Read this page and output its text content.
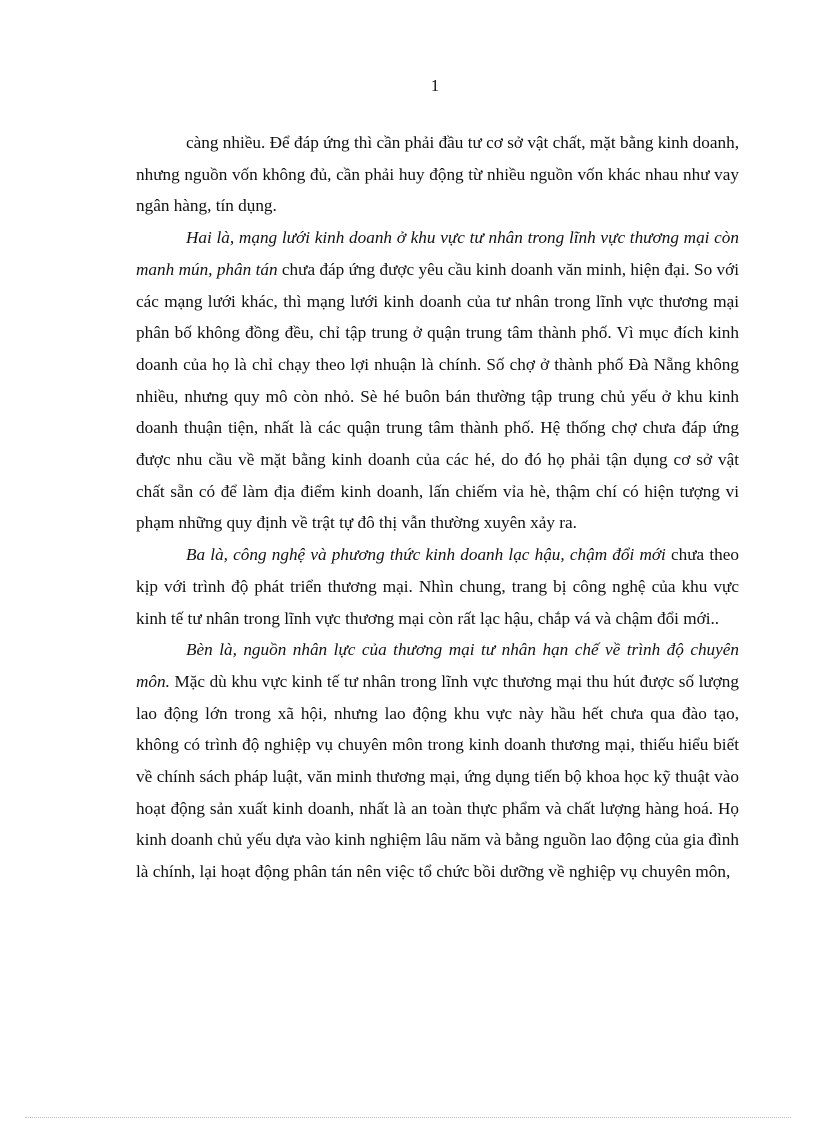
1

càng nhiều. Để đáp ứng thì cần phải đầu tư cơ sở vật chất, mặt bằng kinh doanh, nhưng nguồn vốn không đủ, cần phải huy động từ nhiều nguồn vốn khác nhau như vay ngân hàng, tín dụng.

Hai là, mạng lưới kinh doanh ở khu vực tư nhân trong lĩnh vực thương mại còn manh mún, phân tán chưa đáp ứng được yêu cầu kinh doanh văn minh, hiện đại. So với các mạng lưới khác, thì mạng lưới kinh doanh của tư nhân trong lĩnh vực thương mại phân bố không đồng đều, chỉ tập trung ở quận trung tâm thành phố. Vì mục đích kinh doanh của họ là chỉ chạy theo lợi nhuận là chính. Số chợ ở thành phố Đà Nẵng không nhiều, nhưng quy mô còn nhỏ. Sè hé buôn bán thường tập trung chủ yếu ở khu kinh doanh thuận tiện, nhất là các quận trung tâm thành phố. Hệ thống chợ chưa đáp ứng được nhu cầu về mặt bằng kinh doanh của các hé, do đó họ phải tận dụng cơ sở vật chất sẵn có để làm địa điểm kinh doanh, lấn chiếm vỉa hè, thậm chí có hiện tượng vi phạm những quy định về trật tự đô thị vẫn thường xuyên xảy ra.

Ba là, công nghệ và phương thức kinh doanh lạc hậu, chậm đổi mới chưa theo kịp với trình độ phát triển thương mại. Nhìn chung, trang bị công nghệ của khu vực kinh tế tư nhân trong lĩnh vực thương mại còn rất lạc hậu, chắp vá và chậm đổi mới..

Bèn là, nguồn nhân lực của thương mại tư nhân hạn chế về trình độ chuyên môn. Mặc dù khu vực kinh tế tư nhân trong lĩnh vực thương mại thu hút được số lượng lao động lớn trong xã hội, nhưng lao động khu vực này hầu hết chưa qua đào tạo, không có trình độ nghiệp vụ chuyên môn trong kinh doanh thương mại, thiếu hiểu biết về chính sách pháp luật, văn minh thương mại, ứng dụng tiến bộ khoa học kỹ thuật vào hoạt động sản xuất kinh doanh, nhất là an toàn thực phẩm và chất lượng hàng hoá. Họ kinh doanh chủ yếu dựa vào kinh nghiệm lâu năm và bằng nguồn lao động của gia đình là chính, lại hoạt động phân tán nên việc tổ chức bồi dưỡng về nghiệp vụ chuyên môn,
